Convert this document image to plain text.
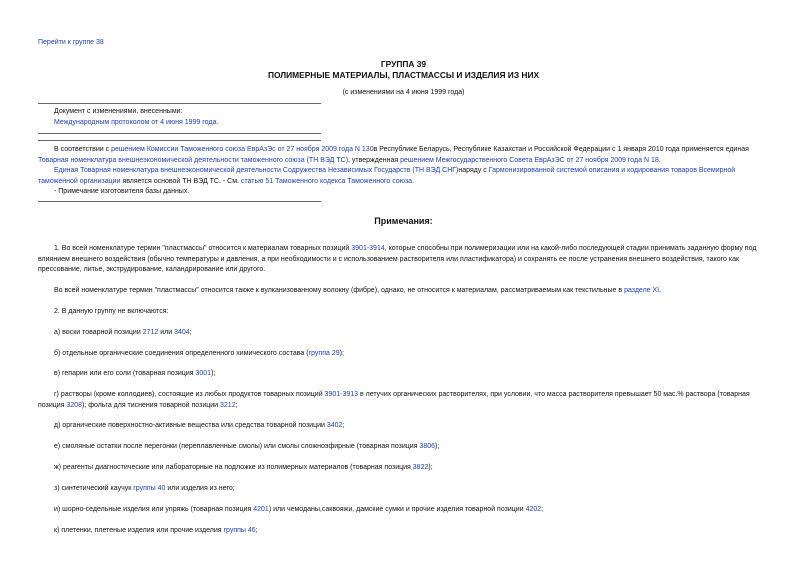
Перейти к группе 38
ГРУППА 39
ПОЛИМЕРНЫЕ МАТЕРИАЛЫ, ПЛАСТМАССЫ И ИЗДЕЛИЯ ИЗ НИХ
(с изменениями на 4 июня 1999 года)
Документ с изменениями, внесенными:
Международным протоколом от 4 июня 1999 года.

В соответствии с решением Комиссии Таможенного союза ЕврАзЭс от 27 ноября 2009 года N 130в Республике Беларусь, Республике Казахстан и Российской Федерации с 1 января 2010 года применяется единая Товарная номенклатура внешнеэкономической деятельности таможенного союза (ТН ВЭД ТС), утвержденная решением Межгосударственного Совета ЕврАзЭС от 27 ноября 2009 года N 18.

Единая Товарная номенклатура внешнеэкономической деятельности Содружества Независимых Государств (ТН ВЭД СНГ)наряду с Гармонизированной системой описания и кодирования товаров Всемирной таможенной организации является основой ТН ВЭД ТС. - См. статью 51 Таможенного кодекса Таможенного союза.

- Примечание изготовителя базы данных.

Примечания:

1. Во всей номенклатуре термин "пластмассы" относится к материалам товарных позиций 3901-3914, которые способны при полимеризации или на какой-либо последующей стадии принимать заданную форму под влиянием внешнего воздействия (обычно температуры и давления, а при необходимости и с использованием растворителя или пластификатора) и сохранять ее после устранения внешнего воздействия, такого как прессование, литье, экструдирование, каландрирование или другого.

Во всей номенклатуре термин "пластмассы" относится также к вулканизованному волокну (фибре), однако, не относится к материалам, рассматриваемым как текстильные в разделе XI.

2. В данную группу не включаются:

а) воски товарной позиции 2712 или 3404;

б) отдельные органические соединения определенного химического состава (группа 29);

в) гепарин или его соли (товарная позиция 3001);

г) растворы (кроме коллодиев), состоящие из любых продуктов товарных позиций 3901-3913 в летучих органических растворителях, при условии, что масса растворителя превышает 50 мас.% раствора (товарная позиция 3208); фольга для тиснения товарной позиции 3212;

д) органические поверхностно-активные вещества или средства товарной позиции 3402;

е) смоляные остатки после перегонки (переплавленные смолы) или смолы сложноэфирные (товарная позиция 3806);

ж) реагенты диагностические или лабораторные на подложке из полимерных материалов (товарная позиция 3822);

з) синтетический каучук группы 40 или изделия из него;

и) шорно-седельные изделия или упряжь (товарная позиция 4201) или чемоданы,саквояжи, дамские сумки и прочие изделия товарной позиции 4202;

к) плетенки, плетеные изделия или прочие изделия группы 46;
